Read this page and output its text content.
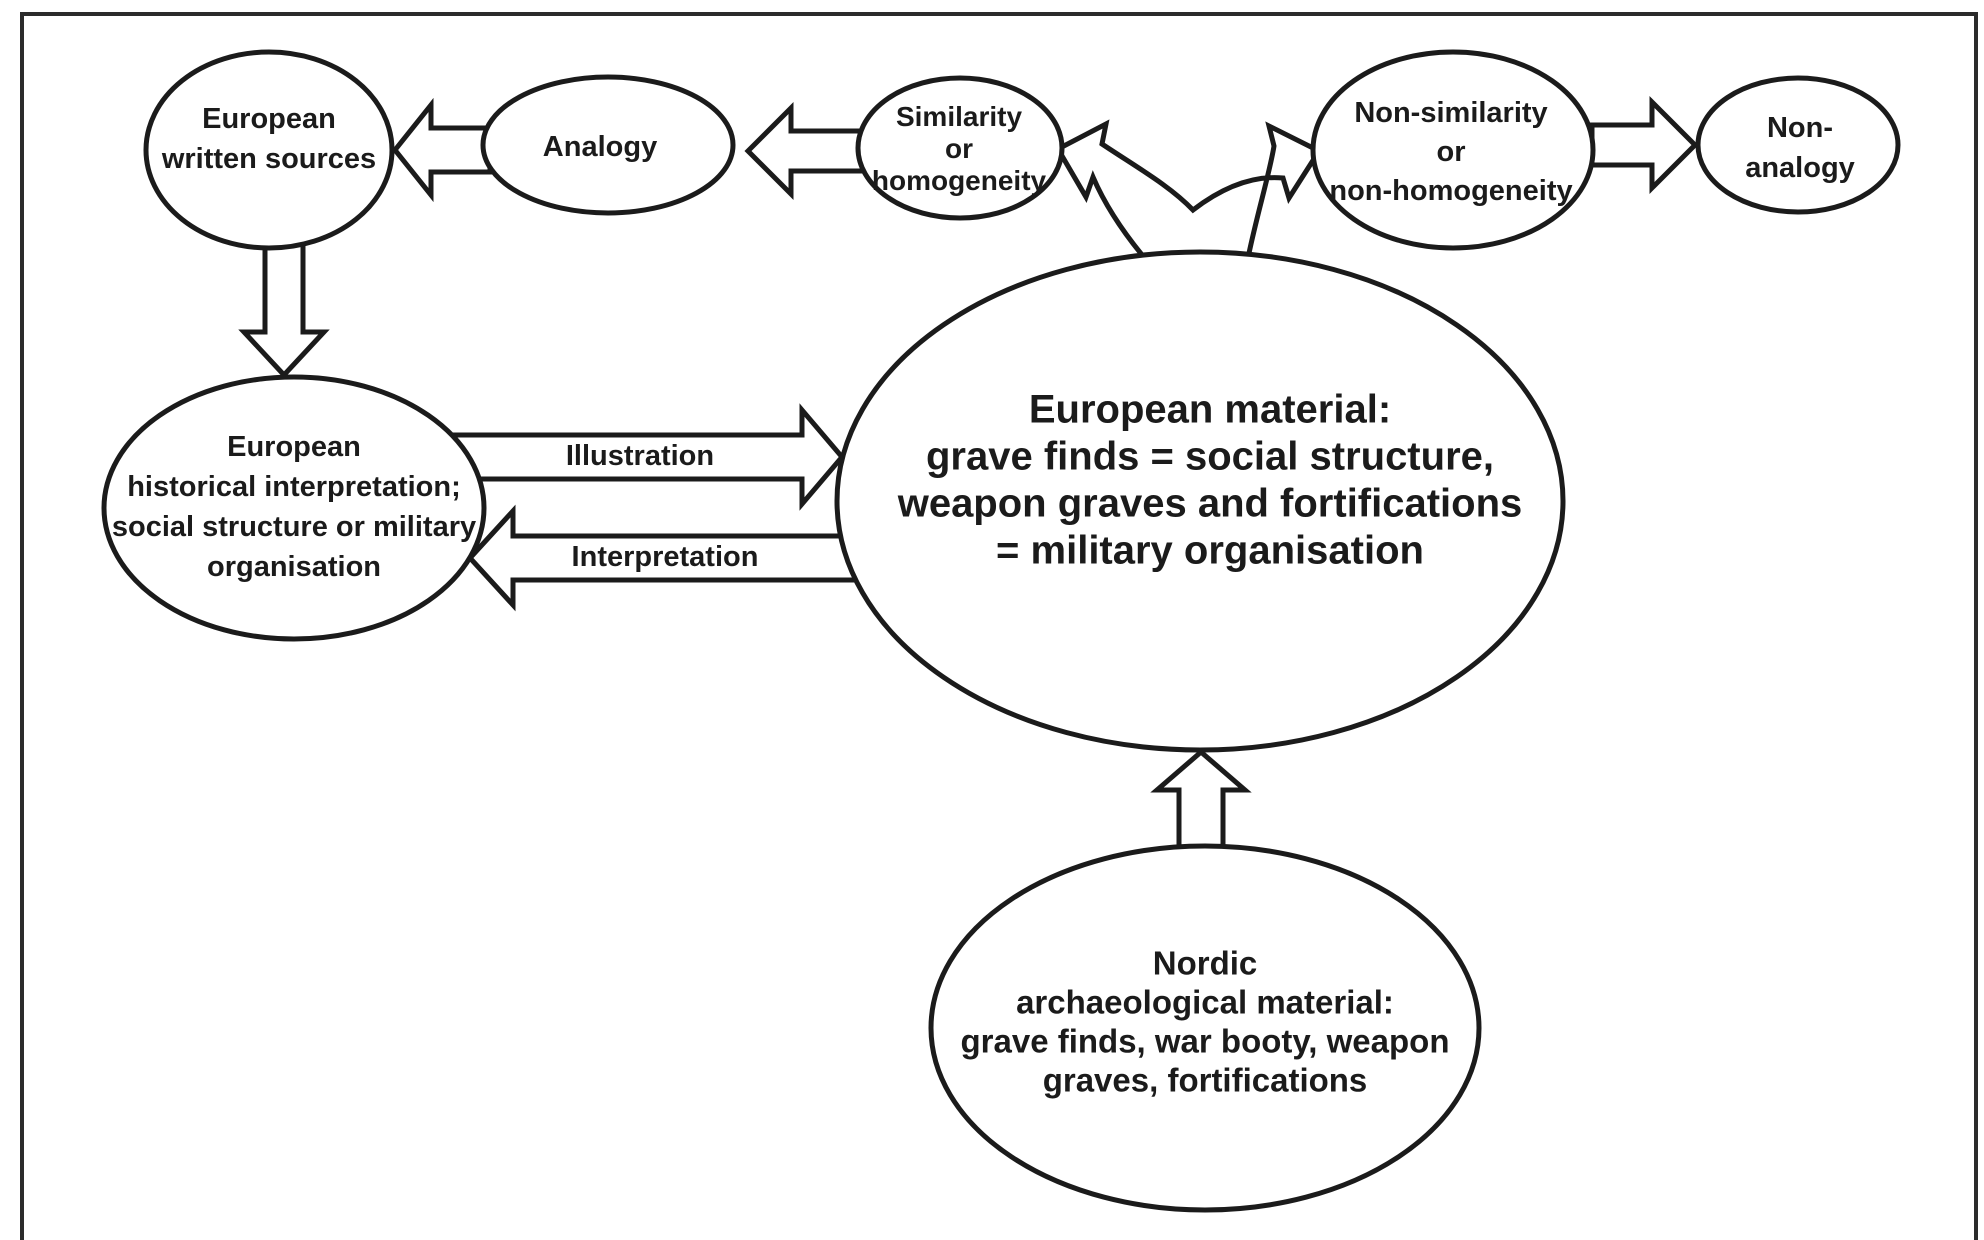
European written sources	Analogy
Similarity or homogeneity
Non-similarity or non-homogeneity
Non-analogy
European historical interpretation; social structure or military organisation
European material: grave finds = social structure, weapon graves and fortifications = military organisation
Nordic archaeological material: grave finds, war booty, weapon graves, fortifications
Illustration
Interpretation
